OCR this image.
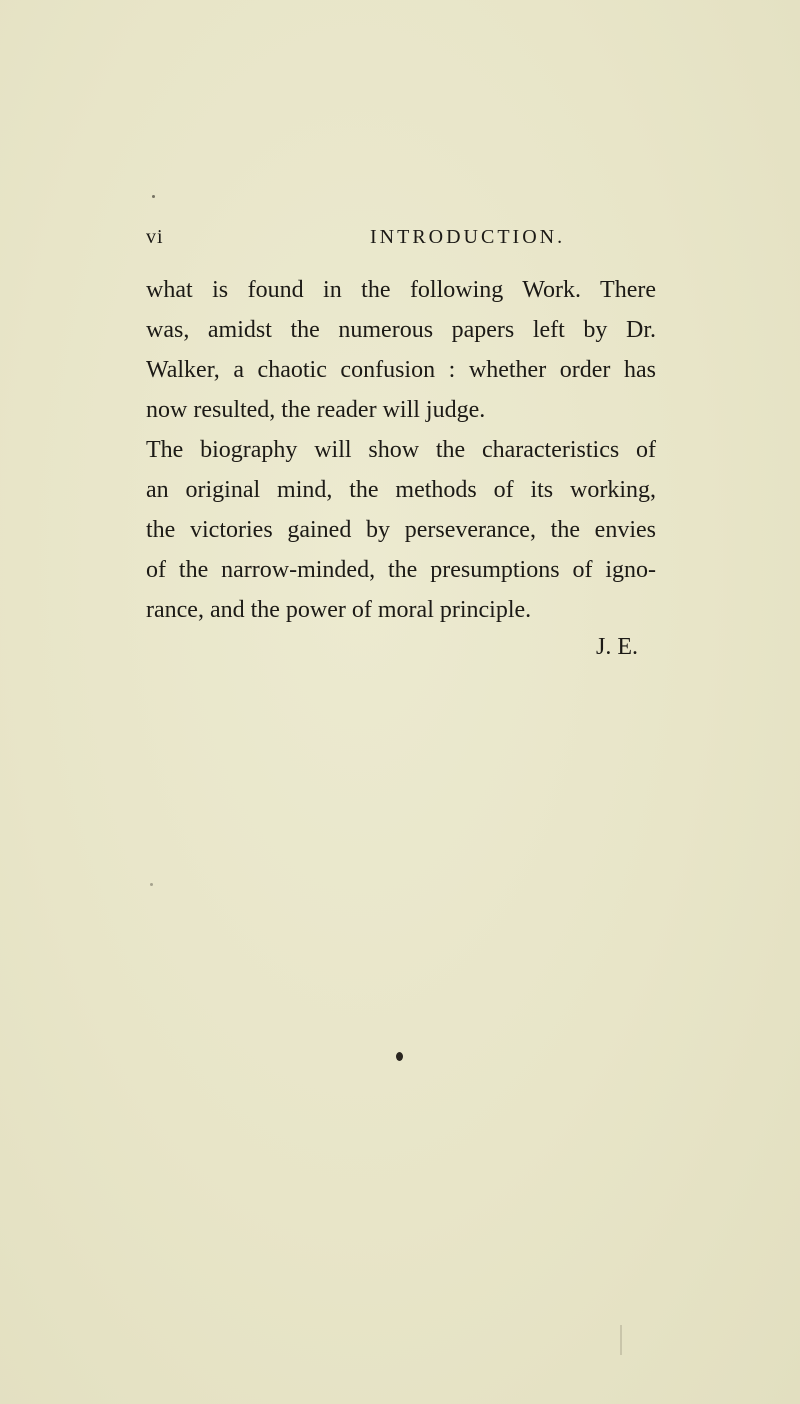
vi	INTRODUCTION.
what is found in the following Work. There
was, amidst the numerous papers left by Dr.
Walker, a chaotic confusion : whether order has
now resulted, the reader will judge.
The biography will show the characteristics of
an original mind, the methods of its working,
the victories gained by perseverance, the envies
of the narrow-minded, the presumptions of igno-
rance, and the power of moral principle.
J. E.
